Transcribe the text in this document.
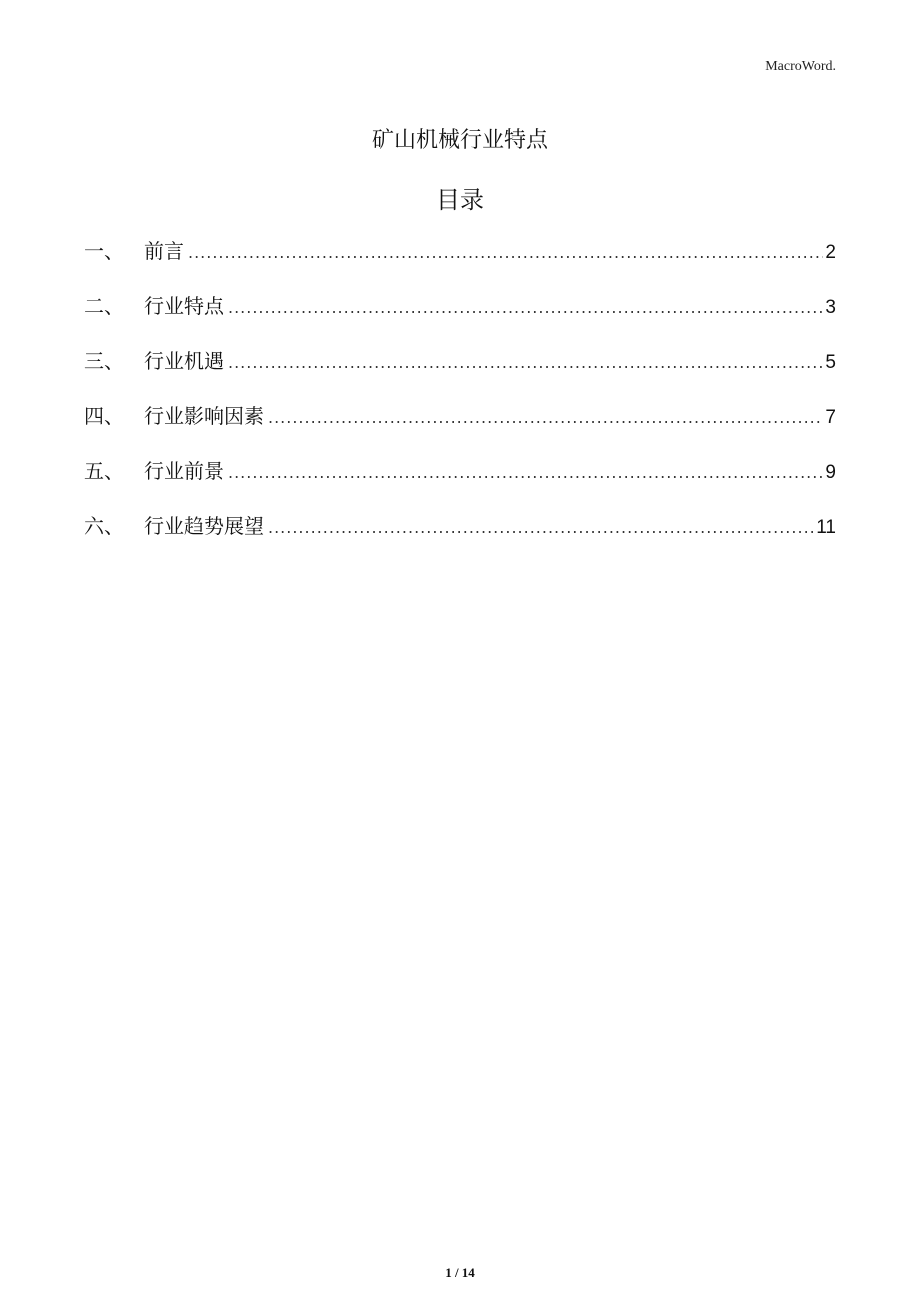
MacroWord.
矿山机械行业特点
目录
一、	前言 .....	2
二、	行业特点 .....	3
三、	行业机遇 .....	5
四、	行业影响因素 .....	7
五、	行业前景 .....	9
六、	行业趋势展望 .....	11
1 / 14
